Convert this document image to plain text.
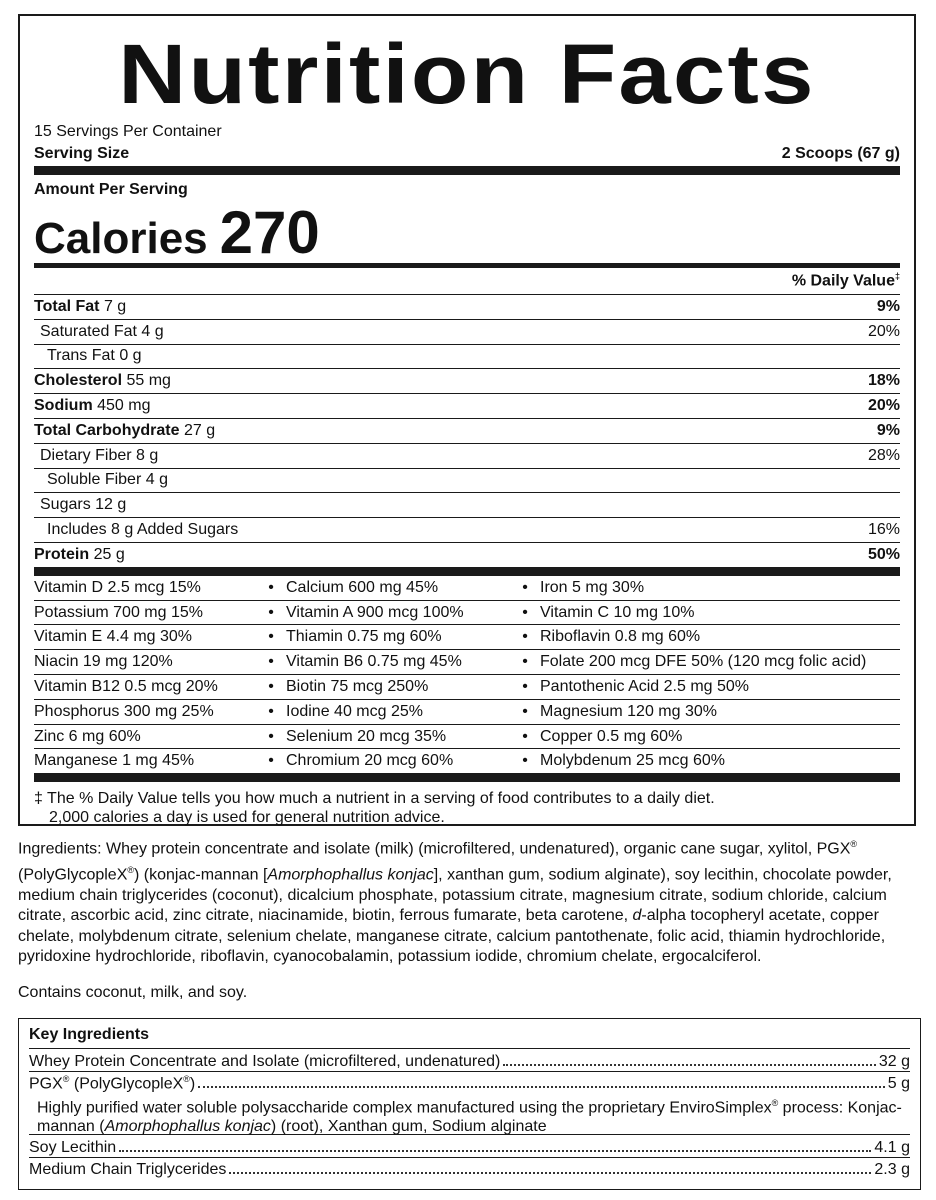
Nutrition Facts
15 Servings Per Container
Serving Size	2 Scoops (67 g)
Amount Per Serving
Calories 270
% Daily Value‡
Total Fat 7 g	9%
Saturated Fat 4 g	20%
Trans Fat 0 g
Cholesterol 55 mg	18%
Sodium 450 mg	20%
Total Carbohydrate 27 g	9%
Dietary Fiber 8 g	28%
Soluble Fiber 4 g
Sugars 12 g
Includes 8 g Added Sugars	16%
Protein 25 g	50%
Vitamin D 2.5 mcg 15%	• Calcium 600 mg 45%	• Iron 5 mg 30%
Potassium 700 mg 15%	• Vitamin A 900 mcg 100%	• Vitamin C 10 mg 10%
Vitamin E 4.4 mg 30%	• Thiamin 0.75 mg 60%	• Riboflavin 0.8 mg 60%
Niacin 19 mg 120%	• Vitamin B6 0.75 mg 45%	• Folate 200 mcg DFE 50% (120 mcg folic acid)
Vitamin B12 0.5 mcg 20%	• Biotin 75 mcg 250%	• Pantothenic Acid 2.5 mg 50%
Phosphorus 300 mg 25%	• Iodine 40 mcg 25%	• Magnesium 120 mg 30%
Zinc 6 mg 60%	• Selenium 20 mcg 35%	• Copper 0.5 mg 60%
Manganese 1 mg 45%	• Chromium 20 mcg 60%	• Molybdenum 25 mcg 60%
‡ The % Daily Value tells you how much a nutrient in a serving of food contributes to a daily diet.
2,000 calories a day is used for general nutrition advice.
Ingredients: Whey protein concentrate and isolate (milk) (microfiltered, undenatured), organic cane sugar, xylitol, PGX® (PolyGlycopleX®) (konjac-mannan [Amorphophallus konjac], xanthan gum, sodium alginate), soy lecithin, chocolate powder, medium chain triglycerides (coconut), dicalcium phosphate, potassium citrate, magnesium citrate, sodium chloride, calcium citrate, ascorbic acid, zinc citrate, niacinamide, biotin, ferrous fumarate, beta carotene, d-alpha tocopheryl acetate, copper chelate, molybdenum citrate, selenium chelate, manganese citrate, calcium pantothenate, folic acid, thiamin hydrochloride, pyridoxine hydrochloride, riboflavin, cyanocobalamin, potassium iodide, chromium chelate, ergocalciferol.
Contains coconut, milk, and soy.
Key Ingredients
Whey Protein Concentrate and Isolate (microfiltered, undenatured)	32 g
PGX® (PolyGlycopleX®)	5 g
Highly purified water soluble polysaccharide complex manufactured using the proprietary EnviroSimplex® process: Konjac-mannan (Amorphophallus konjac) (root), Xanthan gum, Sodium alginate
Soy Lecithin	4.1 g
Medium Chain Triglycerides	2.3 g
